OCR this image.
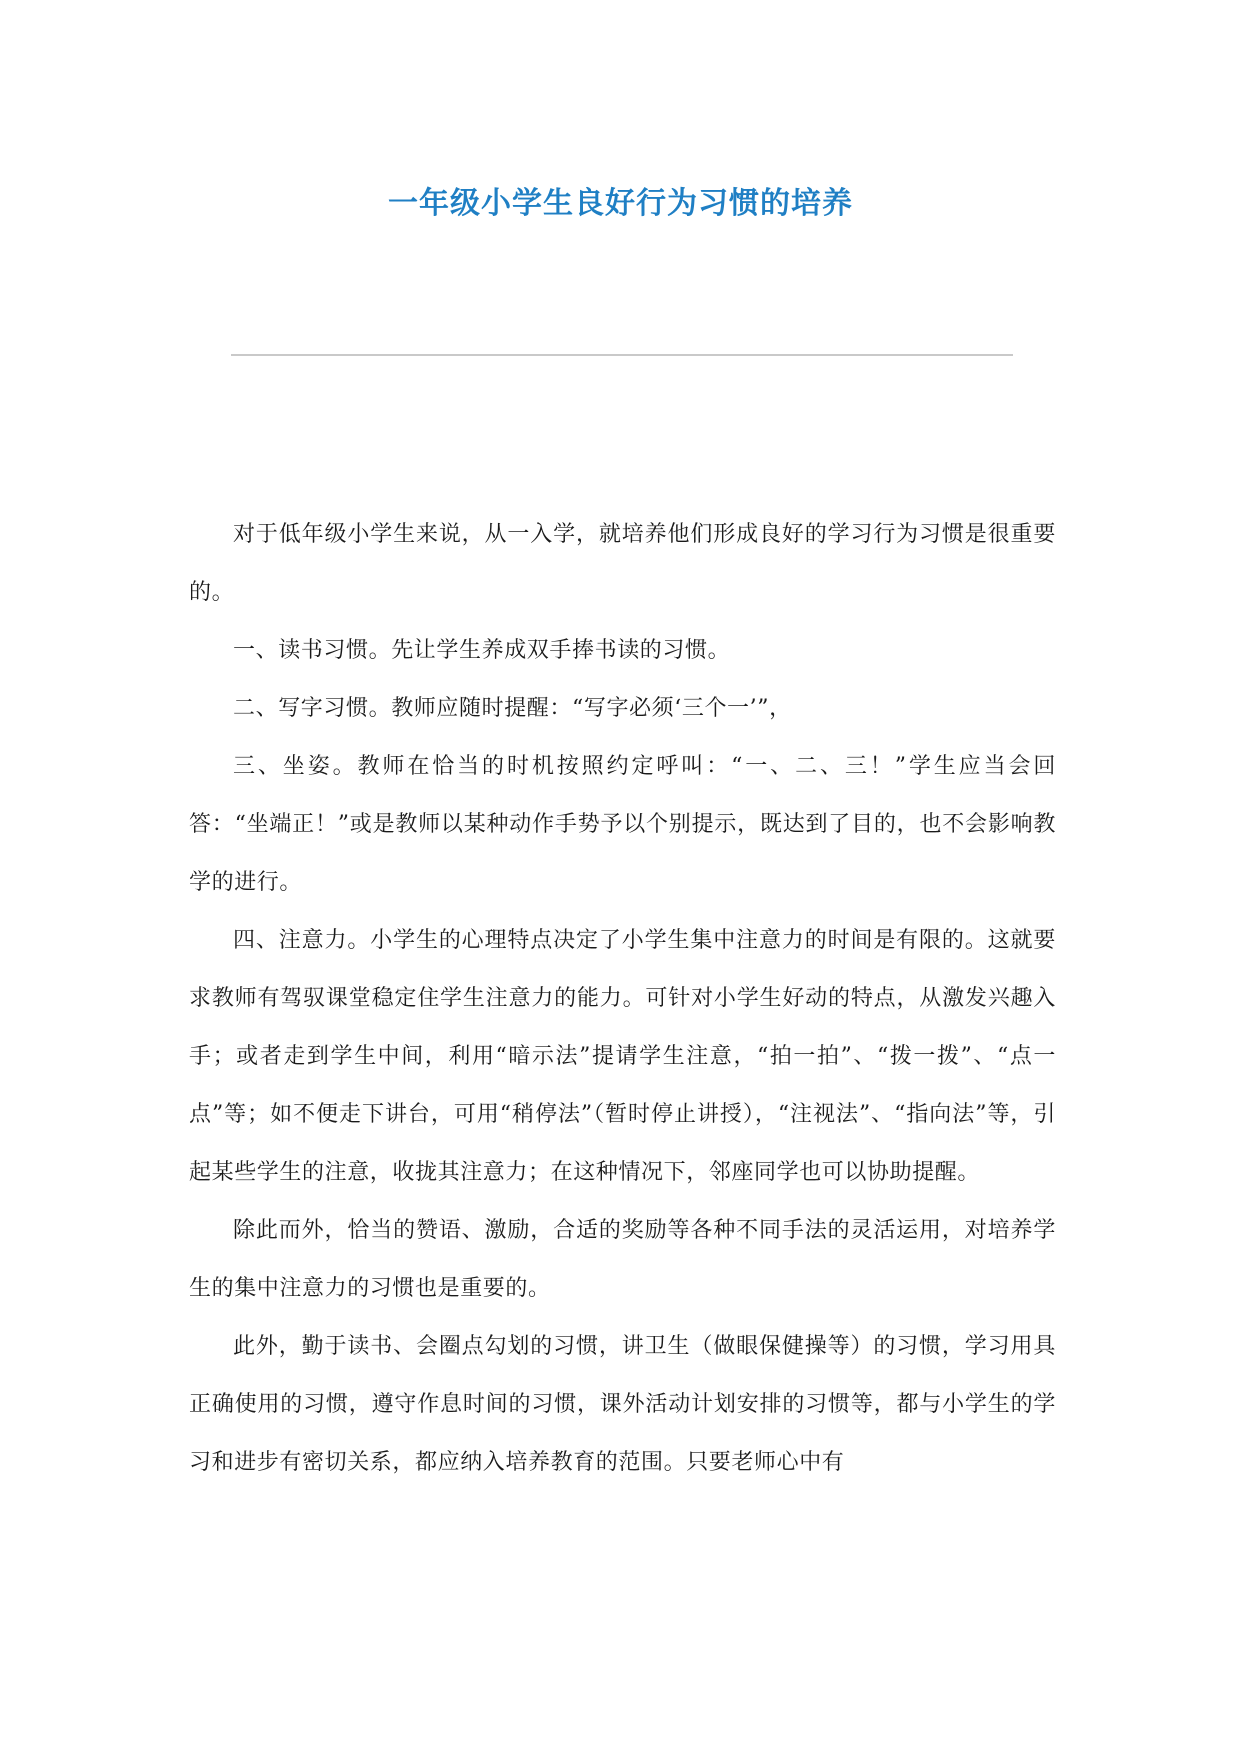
一年级小学生良好行为习惯的培养

对于低年级小学生来说，从一入学，就培养他们形成良好的学习行为习惯是很重要的。

一、读书习惯。先让学生养成双手捧书读的习惯。

二、写字习惯。教师应随时提醒：“写字必须‘三个一’”，

三、坐姿。教师在恰当的时机按照约定呼叫：“一、二、三！”学生应当会回答：“坐端正！”或是教师以某种动作手势予以个别提示，既达到了目的，也不会影响教学的进行。

四、注意力。小学生的心理特点决定了小学生集中注意力的时间是有限的。这就要求教师有驾驭课堂稳定住学生注意力的能力。可针对小学生好动的特点，从激发兴趣入手；或者走到学生中间，利用“暗示法”提请学生注意，“拍一拍”、“拨一拨”、“点一点”等；如不便走下讲台，可用“稍停法”（暂时停止讲授），“注视法”、“指向法”等，引起某些学生的注意，收拢其注意力；在这种情况下，邻座同学也可以协助提醒。

除此而外，恰当的赞语、激励，合适的奖励等各种不同手法的灵活运用，对培养学生的集中注意力的习惯也是重要的。

此外，勤于读书、会圈点勾划的习惯，讲卫生（做眼保健操等）的习惯，学习用具正确使用的习惯，遵守作息时间的习惯，课外活动计划安排的习惯等，都与小学生的学习和进步有密切关系，都应纳入培养教育的范围。只要老师心中有
